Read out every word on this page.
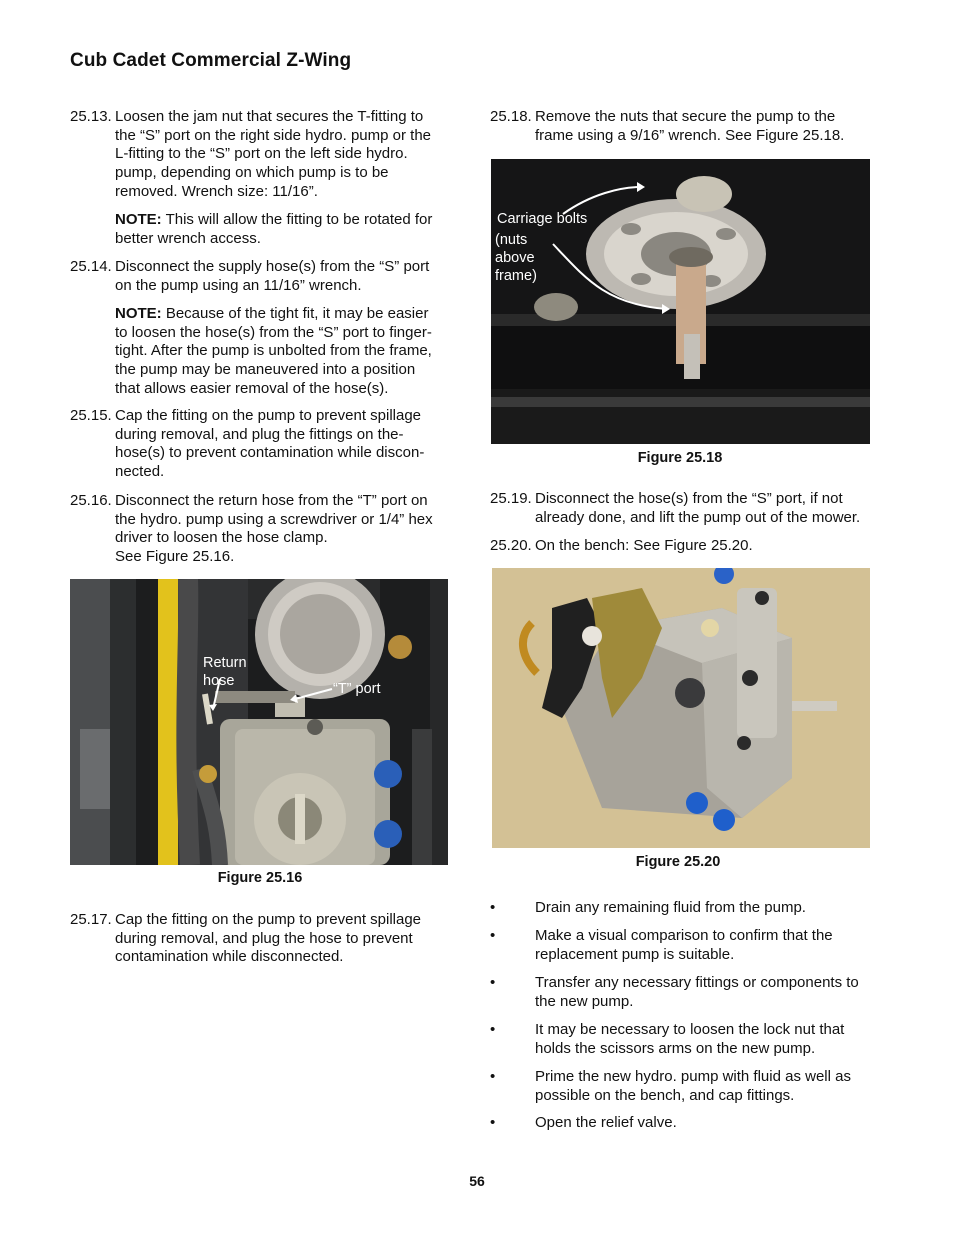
Cub Cadet Commercial Z-Wing
25.13. Loosen the jam nut that secures the T-fitting to
the “S” port on the right side hydro. pump or the
L-fitting to the “S” port on the left side hydro.
pump, depending on which pump is to be
removed. Wrench size: 11/16”.
NOTE: This will allow the fitting to be rotated for
better wrench access.
25.14. Disconnect the supply hose(s) from the “S” port
on the pump using an 11/16” wrench.
NOTE: Because of the tight fit, it may be easier
to loosen the hose(s) from the “S” port to finger-
tight. After the pump is unbolted from the frame,
the pump may be maneuvered into a position
that allows easier removal of the hose(s).
25.15. Cap the fitting on the pump to prevent spillage
during removal, and plug the fittings on the-
hose(s) to prevent contamination while discon-
nected.
25.16. Disconnect the return hose from the “T” port on
the hydro. pump using a screwdriver or 1/4” hex
driver to loosen the hose clamp.
See Figure 25.16.
Return
hose	“T” port
Figure 25.16
25.17. Cap the fitting on the pump to prevent spillage
during removal, and plug the hose to prevent
contamination while disconnected.
25.18. Remove the nuts that secure the pump to the
frame using a 9/16” wrench. See Figure 25.18.
Carriage bolts
(nuts
above
frame)
Figure 25.18
25.19. Disconnect the hose(s) from the “S” port, if not
already done, and lift the pump out of the mower.
25.20. On the bench: See Figure 25.20.
Figure 25.20
•	Drain any remaining fluid from the pump.
•	Make a visual comparison to confirm that the
replacement pump is suitable.
•	Transfer any necessary fittings or components to
the new pump.
•	It may be necessary to loosen the lock nut that
holds the scissors arms on the new pump.
•	Prime the new hydro. pump with fluid as well as
possible on the bench, and cap fittings.
•	Open the relief valve.
56
